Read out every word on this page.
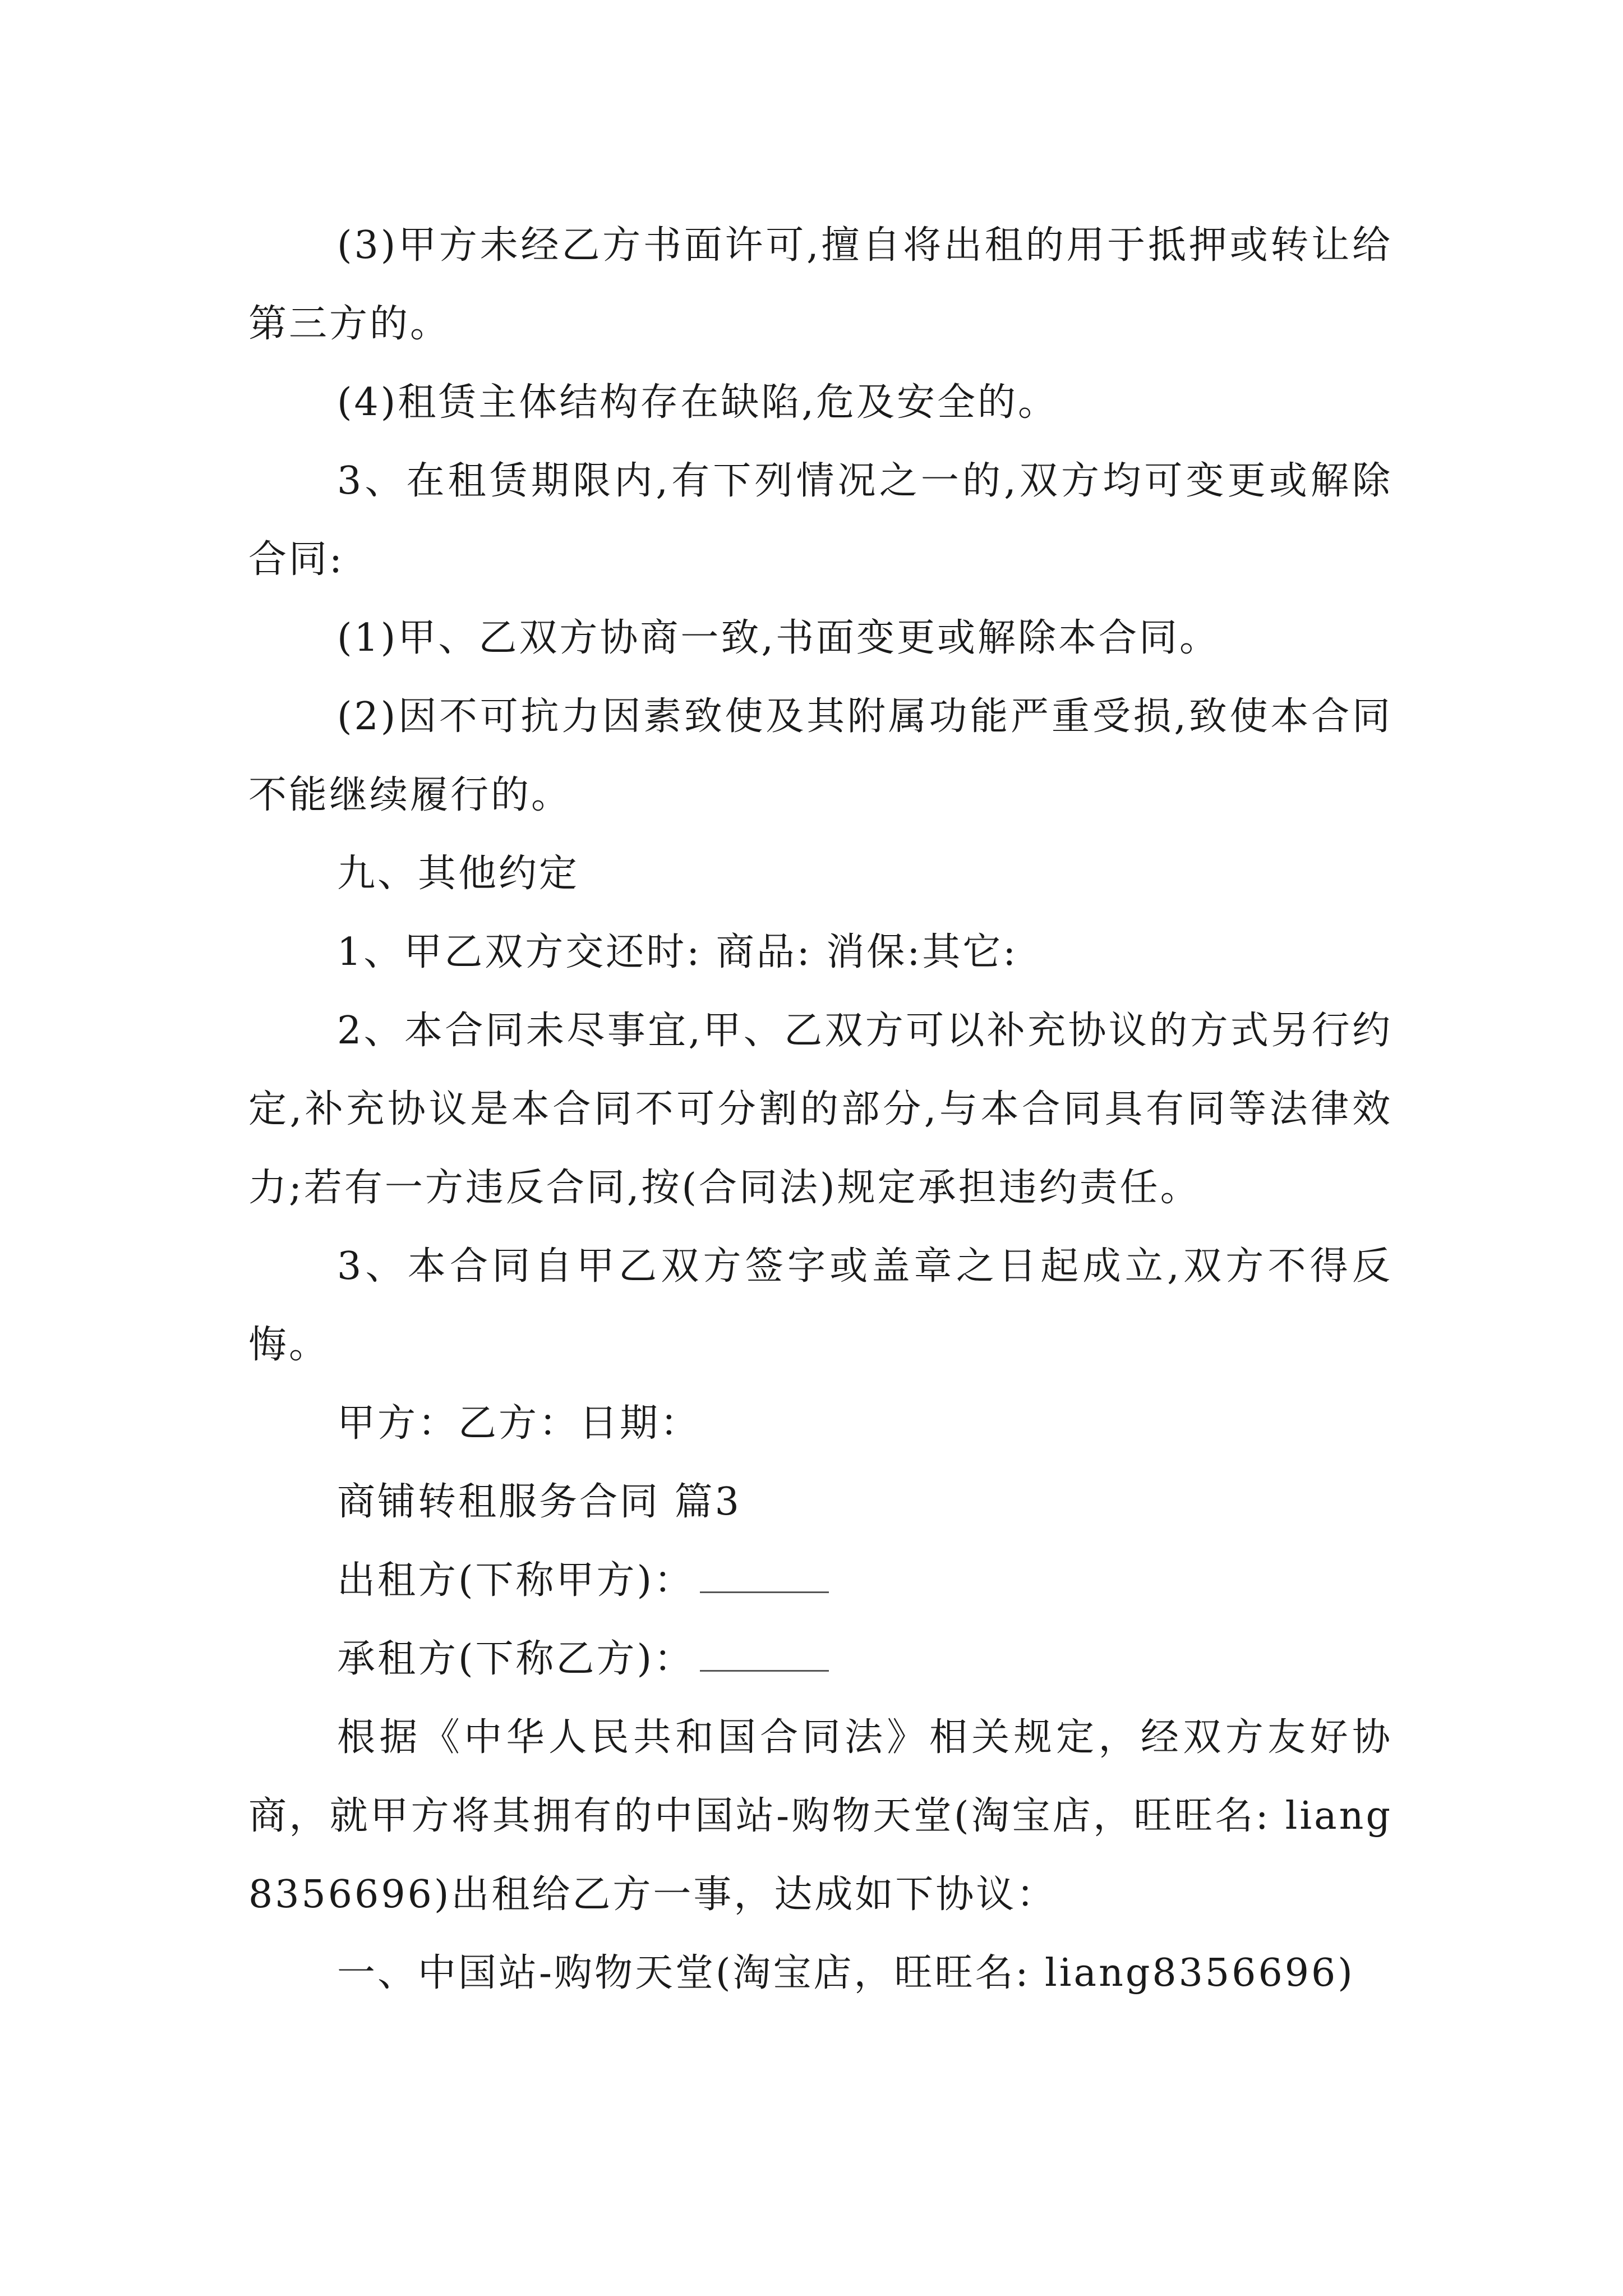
(3)甲方未经乙方书面许可,擅自将出租的用于抵押或转让给第三方的。

(4)租赁主体结构存在缺陷,危及安全的。

3、在租赁期限内,有下列情况之一的,双方均可变更或解除合同:

(1)甲、乙双方协商一致,书面变更或解除本合同。

(2)因不可抗力因素致使及其附属功能严重受损,致使本合同不能继续履行的。

九、其他约定

1、甲乙双方交还时: 商品: 消保:其它:

2、本合同未尽事宜,甲、乙双方可以补充协议的方式另行约定,补充协议是本合同不可分割的部分,与本合同具有同等法律效力;若有一方违反合同,按(合同法)规定承担违约责任。

3、本合同自甲乙双方签字或盖章之日起成立,双方不得反悔。

甲方：乙方：日期：

商铺转租服务合同 篇3

出租方(下称甲方)：

承租方(下称乙方)：

根据《中华人民共和国合同法》相关规定，经双方友好协商，就甲方将其拥有的中国站-购物天堂(淘宝店，旺旺名: liang8356696)出租给乙方一事，达成如下协议：

一、中国站-购物天堂(淘宝店，旺旺名: liang8356696)
